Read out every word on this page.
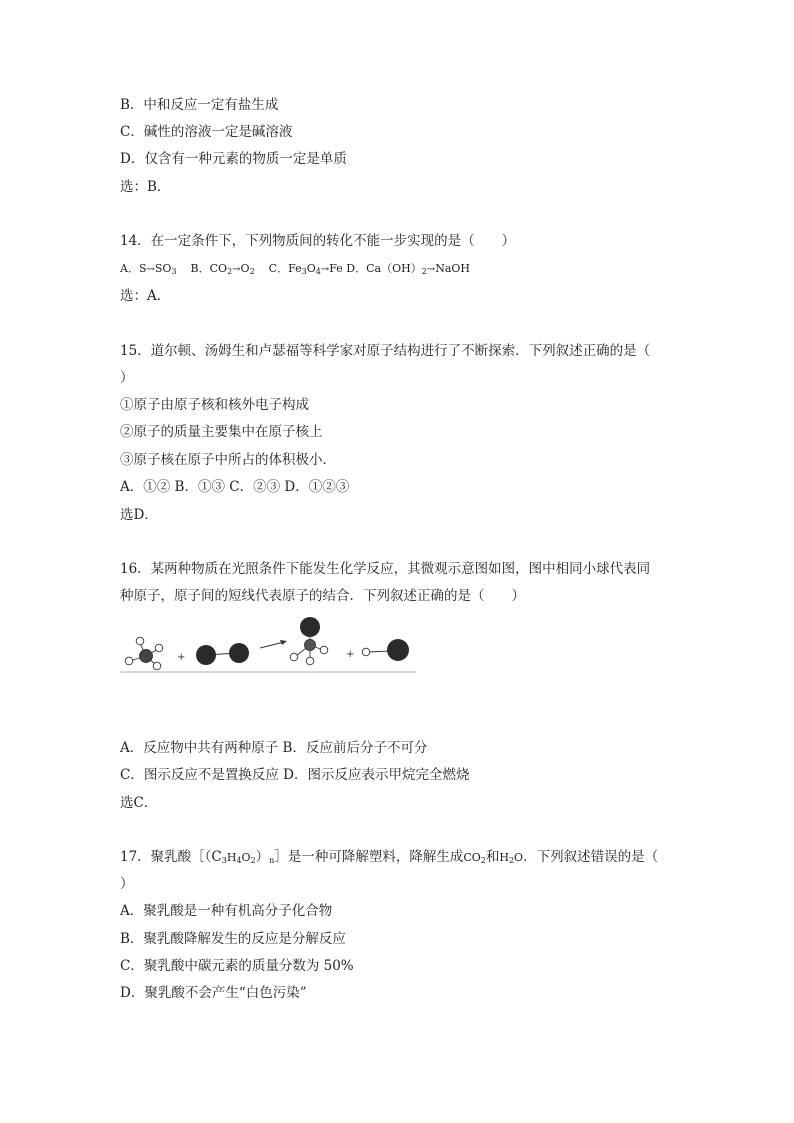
B．中和反应一定有盐生成
C．碱性的溶液一定是碱溶液
D．仅含有一种元素的物质一定是单质
选：B．
14．在一定条件下，下列物质间的转化不能一步实现的是（　　）
A．$S\to SO_3$ B．$CO_2\to O_2$ C．$Fe_3O_4\to Fe$ D．$Ca(OH)_2\to NaOH$
选：A．
15．道尔顿、汤姆生和卢瑟福等科学家对原子结构进行了不断探索．下列叙述正确的是（
）
①原子由原子核和核外电子构成
②原子的质量主要集中在原子核上
③原子核在原子中所占的体积极小．
A．①② B．①③ C．②③ D．①②③
选D．
16．某两种物质在光照条件下能发生化学反应，其微观示意图如图，图中相同小球代表同
种原子，原子间的短线代表原子的结合．下列叙述正确的是（　　）
+	+
A．反应物中共有两种原子 B．反应前后分子不可分
C．图示反应不是置换反应 D．图示反应表示甲烷完全燃烧
选C．
17．聚乳酸$[(C_3H_4O_2)_n]$是一种可降解塑料，降解生成$CO_2$和$H_2O$．下列叙述错误的是（
）
A．聚乳酸是一种有机高分子化合物
B．聚乳酸降解发生的反应是分解反应
C．聚乳酸中碳元素的质量分数为 50%
D．聚乳酸不会产生“白色污染”
